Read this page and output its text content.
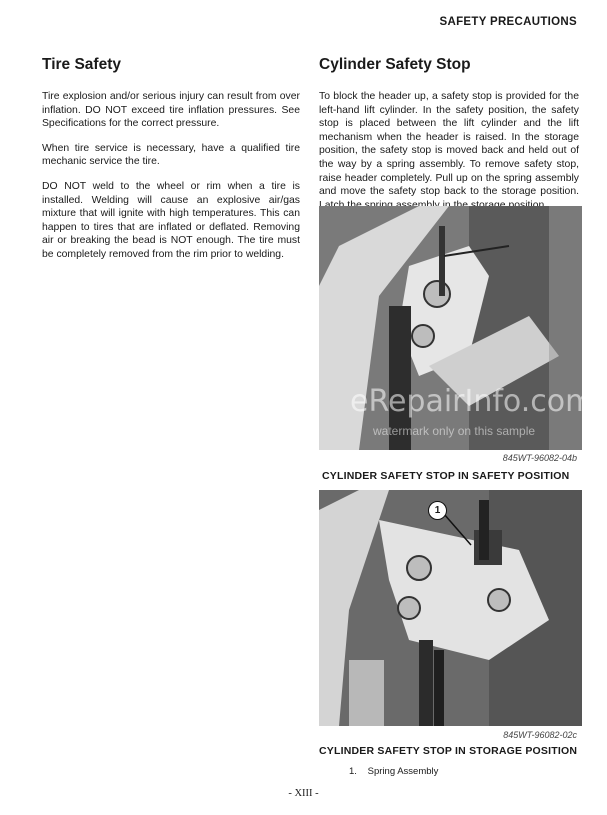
SAFETY PRECAUTIONS
Tire Safety

Tire explosion and/or serious injury can result from over inflation. DO NOT exceed tire inflation pressures. See Specifications for the correct pressure.

When tire service is necessary, have a qualified tire mechanic service the tire.

DO NOT weld to the wheel or rim when a tire is installed. Welding will cause an explosive air/gas mixture that will ignite with high temperatures. This can happen to tires that are inflated or deflated. Removing air or breaking the bead is NOT enough. The tire must be completely removed from the rim prior to welding.

Cylinder Safety Stop

To block the header up, a safety stop is provided for the left-hand lift cylinder. In the safety position, the safety stop is placed between the lift cylinder and the lift mechanism when the header is raised. In the storage position, the safety stop is moved back and held out of the way by a spring assembly. To remove safety stop, raise header completely. Pull up on the spring assembly and move the safety stop back to the storage position.

eRepairInfo.com
watermark only on this sample
845WT-96082-04b
CYLINDER SAFETY STOP IN SAFETY POSITION
1
845WT-96082-02c
CYLINDER SAFETY STOP IN STORAGE POSITION
1. Spring Assembly
- XIII -
